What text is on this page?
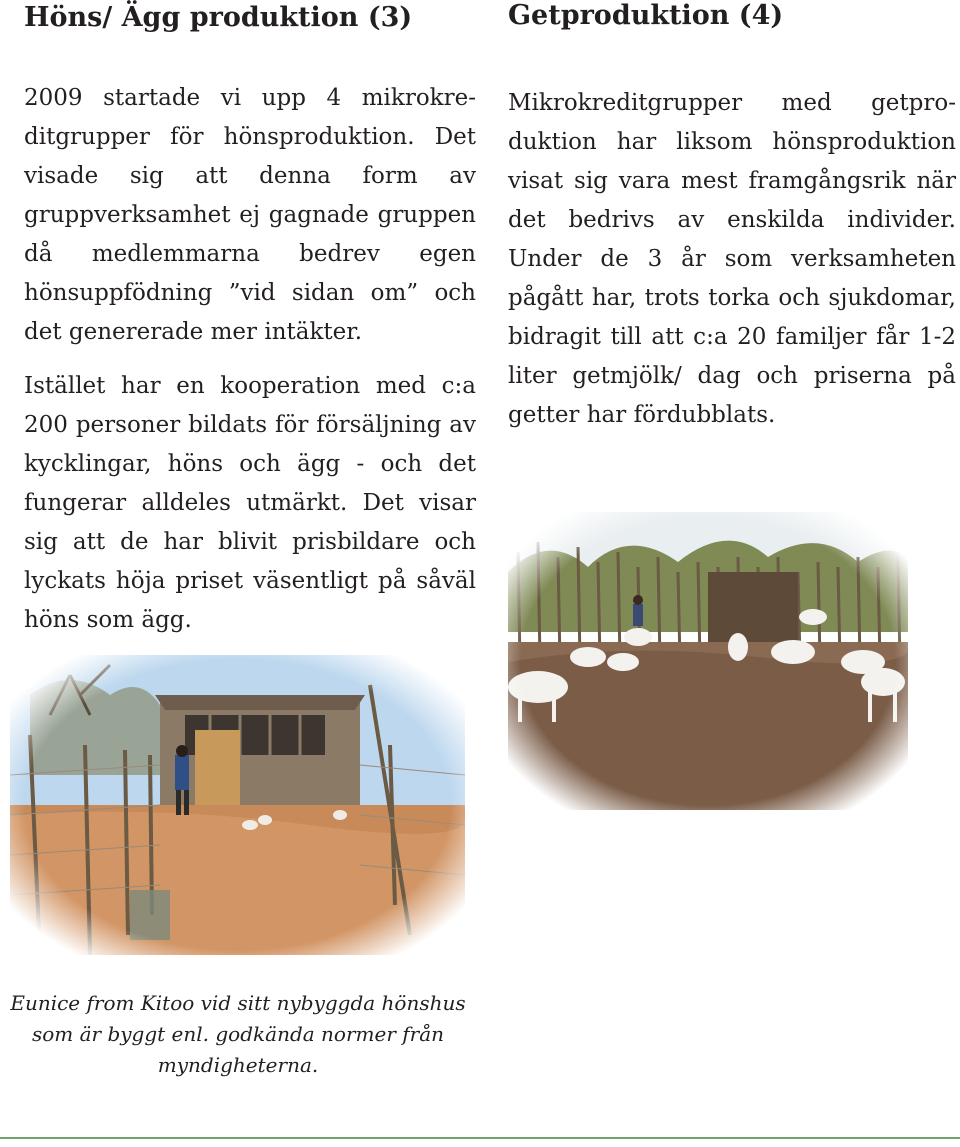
Höns/ Ägg produktion (3)	Getproduktion (4)

2009 startade vi upp 4 mikrokreditgrupper för hönsproduktion. Det visade sig att denna form av gruppverksamhet ej gagnade gruppen då medlemmarna bedrev egen hönsuppfödning ”vid sidan om” och det genererade mer intäkter.

Istället har en kooperation med c:a 200 personer bildats för försäljning av kycklingar, höns och ägg - och det fungerar alldeles utmärkt. Det visar sig att de har blivit prisbildare och lyckats höja priset väsentligt på såväl höns som ägg.

Mikrokreditgrupper med getproduktion har liksom hönsproduktion visat sig vara mest framgångsrik när det bedrivs av enskilda individer. Under de 3 år som verksamheten pågått har, trots torka och sjukdomar, bidragit till att c:a 20 familjer får 1-2 liter getmjölk/ dag och priserna på getter har fördubblats.

Eunice from Kitoo vid sitt nybyggda hönshus som är byggt enl. godkända normer från myndigheterna.
